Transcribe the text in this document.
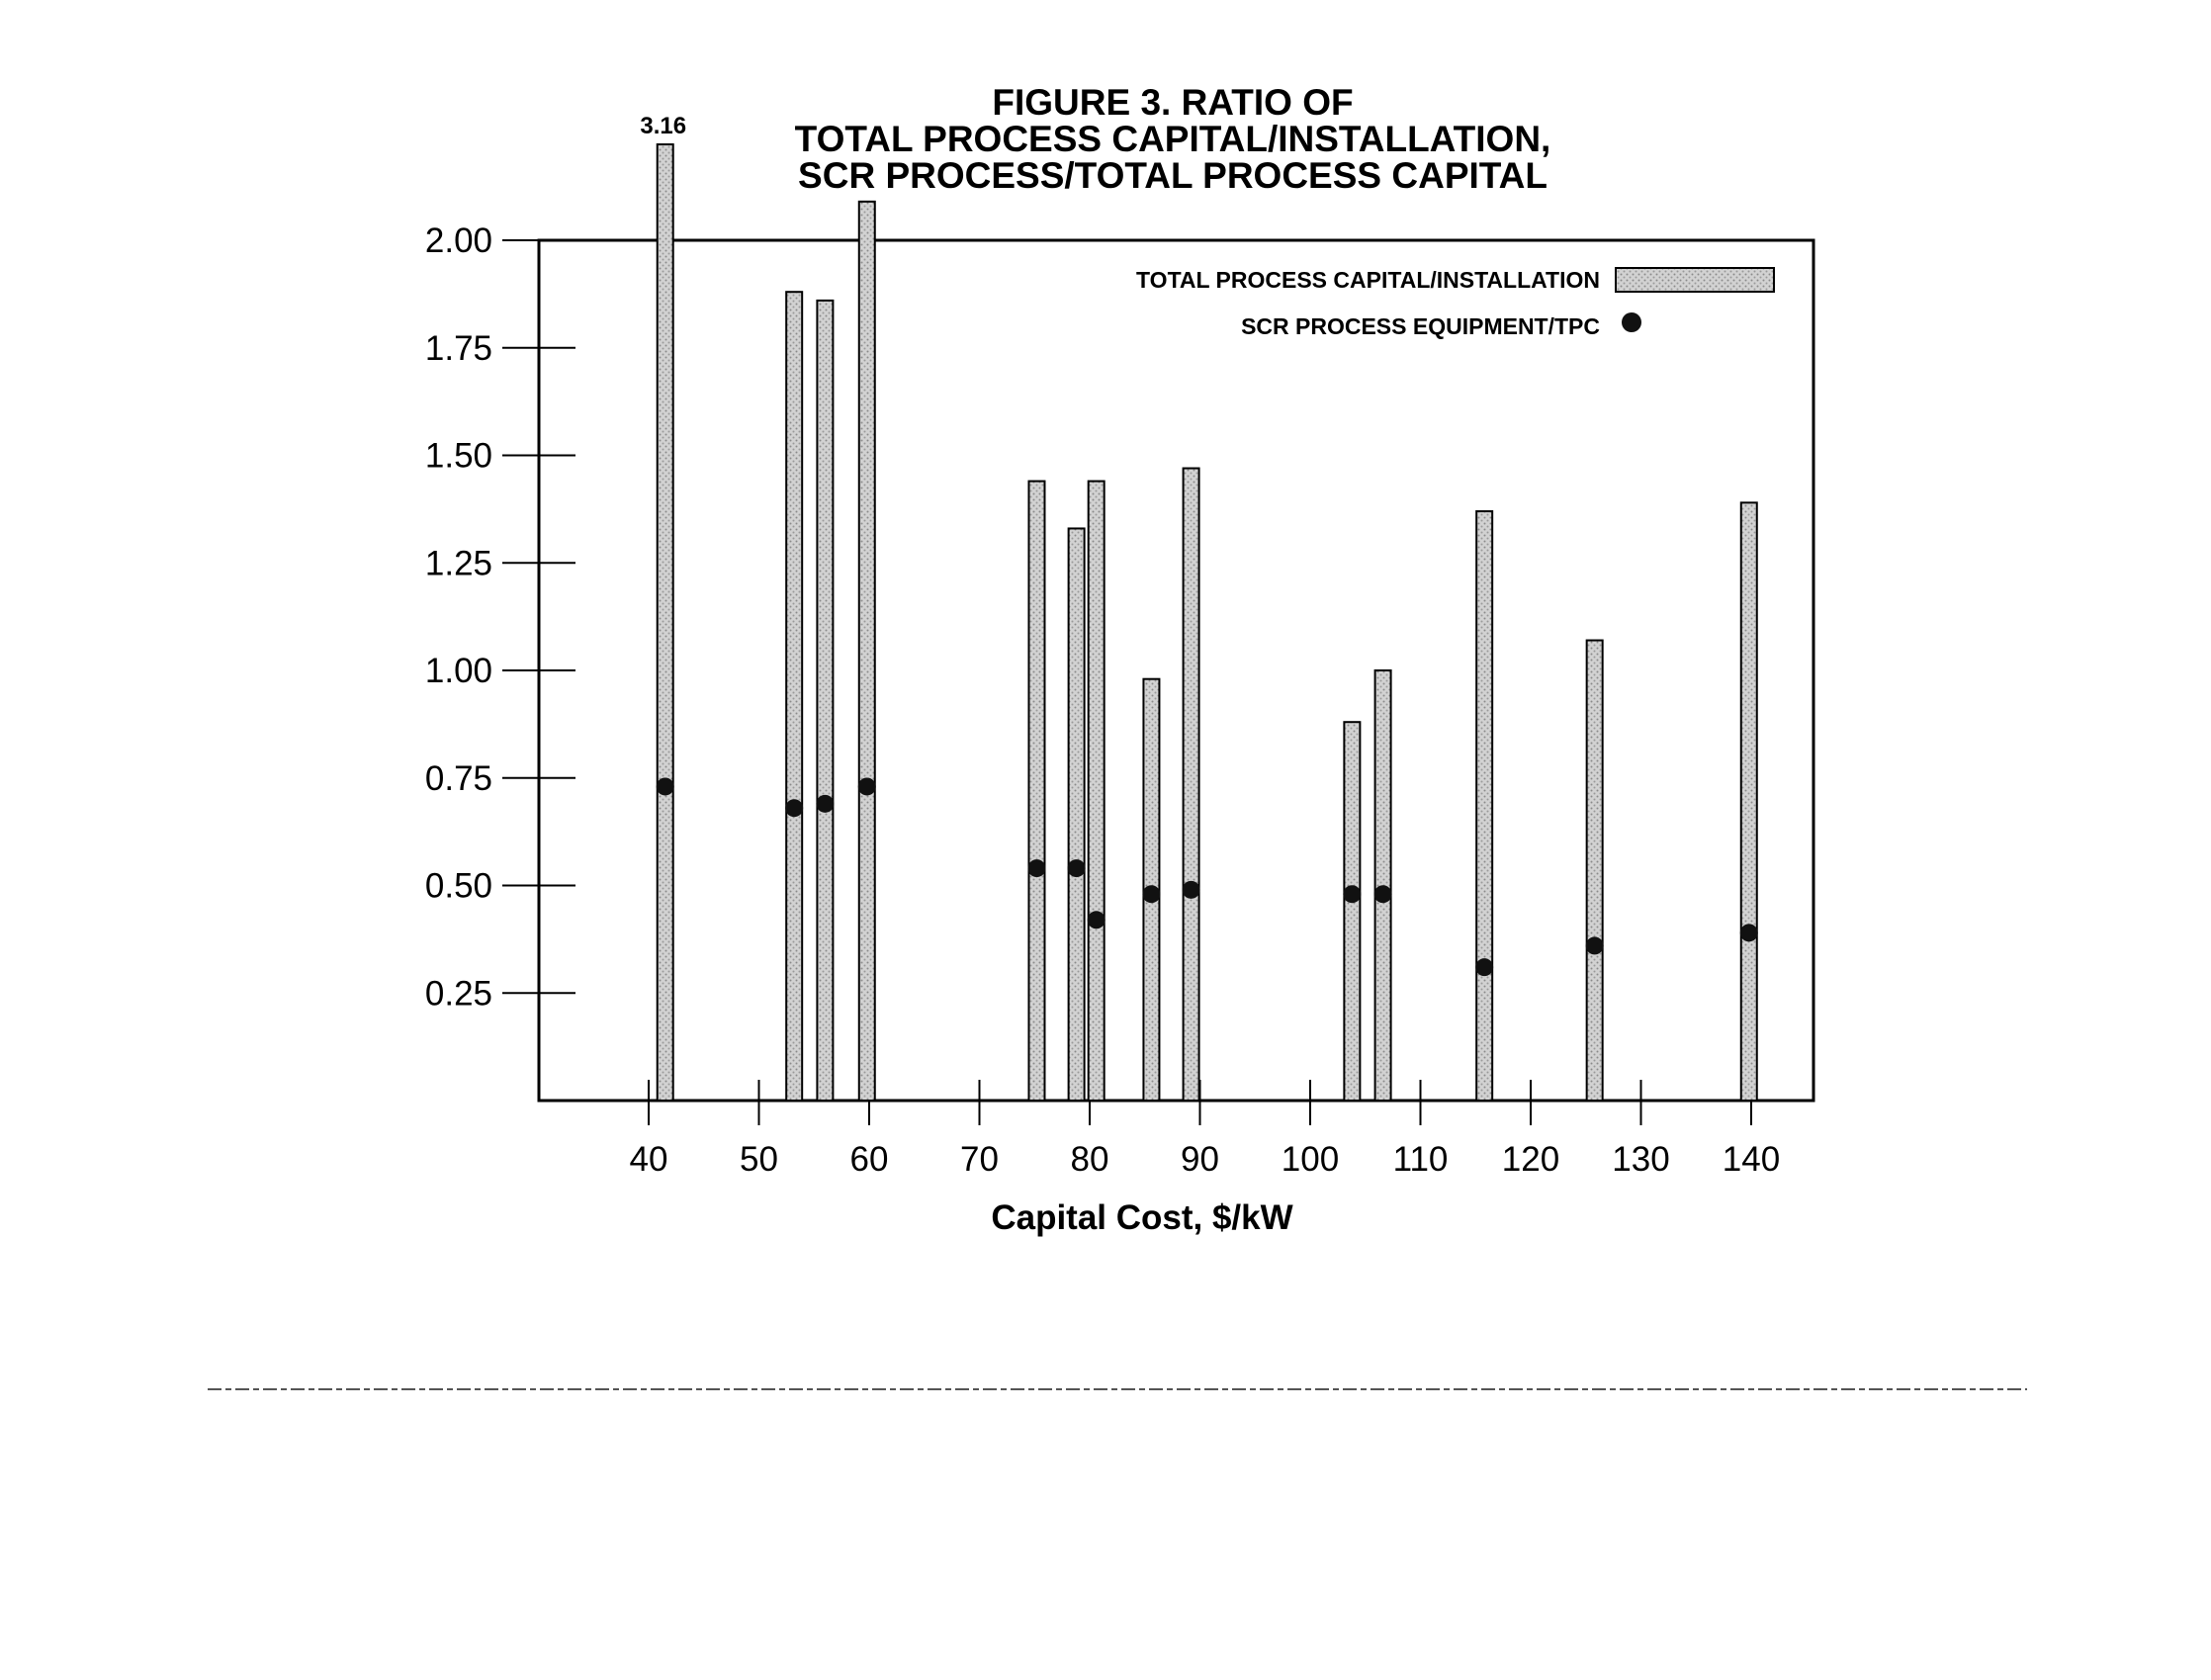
FIGURE 3. RATIO OF
TOTAL PROCESS CAPITAL/INSTALLATION,
SCR PROCESS/TOTAL PROCESS CAPITAL
0.25
0.50
0.75
1.00
1.25
1.50
1.75
2.00
40 50 60 70 80 90 100 110 120 130 140
3.16
TOTAL PROCESS CAPITAL/INSTALLATION
SCR PROCESS EQUIPMENT/TPC
Capital Cost, $/kW
